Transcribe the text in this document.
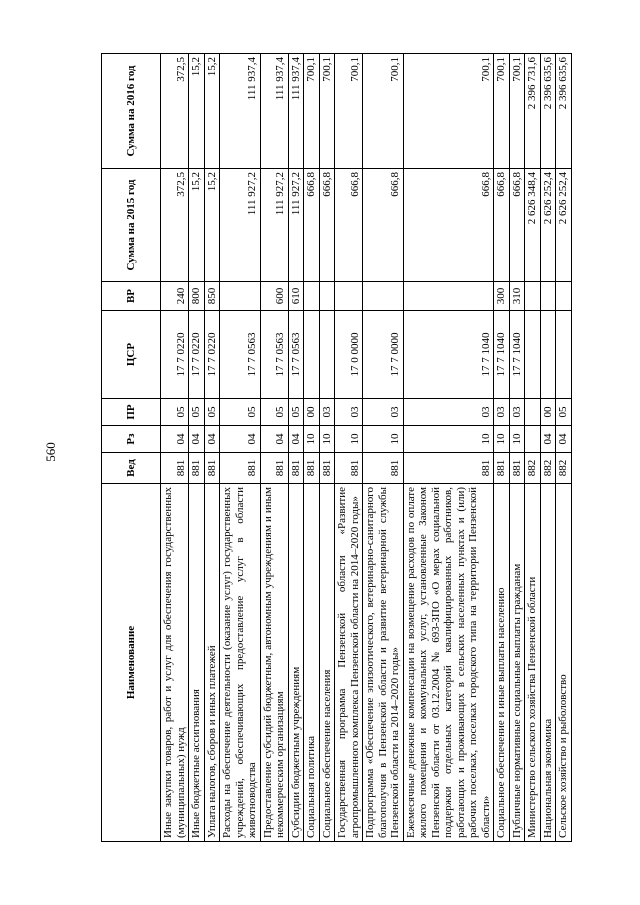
560
Наименование	Вед	Рз	ПР	ЦСР	ВР	Сумма на 2015 год	Сумма на 2016 год
Иные закупки товаров, работ и услуг для обеспечения государственных (муниципальных) нужд	881	04	05	17 7 0220	240	372,5	372,5
Иные бюджетные ассигнования	881	04	05	17 7 0220	800	15,2	15,2
Уплата налогов, сборов и иных платежей	881	04	05	17 7 0220	850	15,2	15,2
Расходы на обеспечение деятельности (оказание услуг) государственных учреждений, обеспечивающих предоставление услуг в области животноводства	881	04	05	17 7 0563		111 927,2	111 937,4
Предоставление субсидий бюджетным, автономным учреждениям и иным некоммерческим организациям	881	04	05	17 7 0563	600	111 927,2	111 937,4
Субсидии бюджетным учреждениям	881	04	05	17 7 0563	610	111 927,2	111 937,4
Социальная политика	881	10	00			666,8	700,1
Социальное обеспечение населения	881	10	03			666,8	700,1
Государственная программа Пензенской области «Развитие агропромышленного комплекса Пензенской области на 2014–2020 годы»	881	10	03	17 0 0000		666,8	700,1
Подпрограмма «Обеспечение эпизоотического, ветеринарно-санитарного благополучия в Пензенской области и развитие ветеринарной службы Пензенской области на 2014–2020 годы»	881	10	03	17 7 0000		666,8	700,1
Ежемесячные денежные компенсации на возмещение расходов по оплате жилого помещения и коммунальных услуг, установленные Законом Пензенской области от 03.12.2004 № 693-ЗПО «О мерах социальной поддержки отдельных категорий квалифицированных работников, работающих и проживающих в сельских населенных пунктах и (или) рабочих поселках, поселках городского типа на территории Пензенской области»	881	10	03	17 7 1040		666,8	700,1
Социальное обеспечение и иные выплаты населению	881	10	03	17 7 1040	300	666,8	700,1
Публичные нормативные социальные выплаты гражданам	881	10	03	17 7 1040	310	666,8	700,1
Министерство сельского хозяйства Пензенской области	882					2 626 348,4	2 396 731,6
Национальная экономика	882	04	00			2 626 252,4	2 396 635,6
Сельское хозяйство и рыболовство	882	04	05			2 626 252,4	2 396 635,6
